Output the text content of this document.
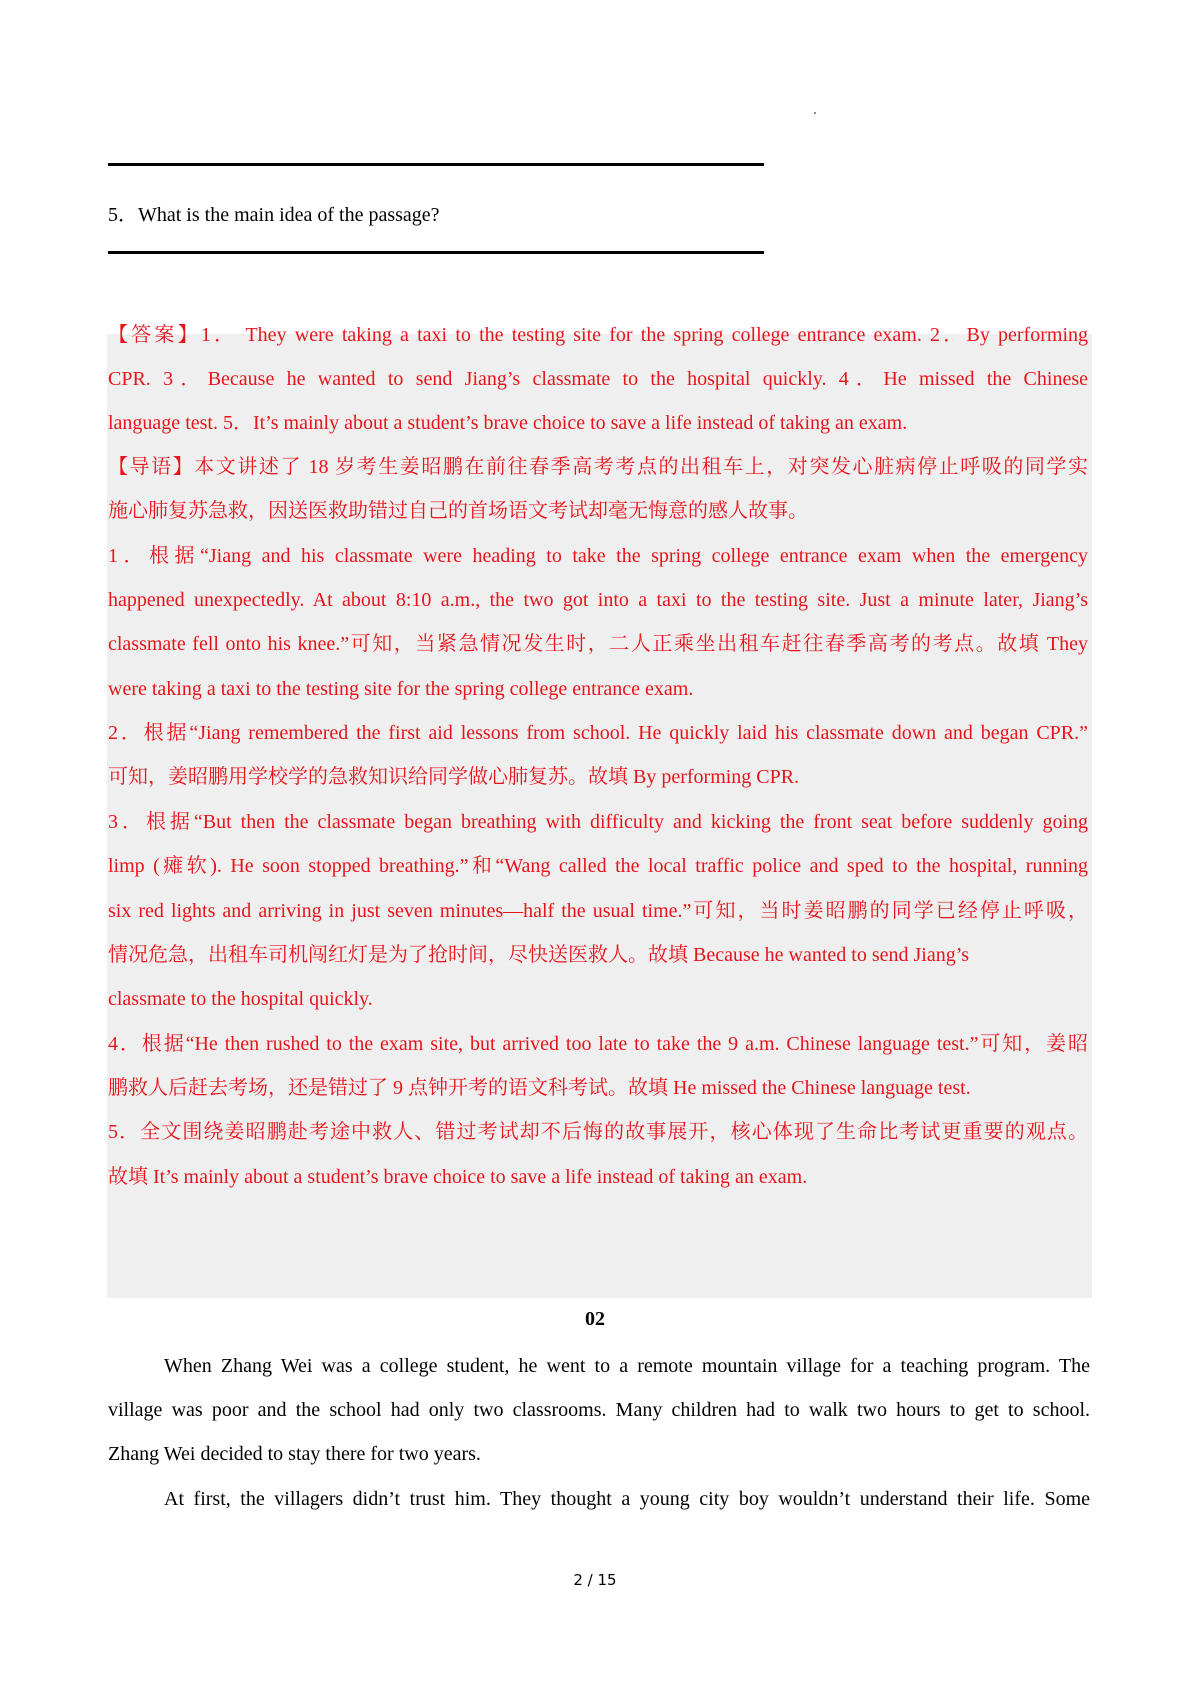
5．What is the main idea of the passage?
【答案】1． They were taking a taxi to the testing site for the spring college entrance exam. 2．By performing
CPR. 3．Because he wanted to send Jiang’s classmate to the hospital quickly. 4．He missed the Chinese
language test. 5．It’s mainly about a student’s brave choice to save a life instead of taking an exam.
【导语】本文讲述了 18 岁考生姜昭鹏在前往春季高考考点的出租车上，对突发心脏病停止呼吸的同学实
施心肺复苏急救，因送医救助错过自己的首场语文考试却毫无悔意的感人故事。
1．根据“Jiang and his classmate were heading to take the spring college entrance exam when the emergency
happened unexpectedly. At about 8:10 a.m., the two got into a taxi to the testing site. Just a minute later, Jiang’s
classmate fell onto his knee.”可知，当紧急情况发生时，二人正乘坐出租车赶往春季高考的考点。故填 They
were taking a taxi to the testing site for the spring college entrance exam.
2．根据“Jiang remembered the first aid lessons from school. He quickly laid his classmate down and began CPR.”
可知，姜昭鹏用学校学的急救知识给同学做心肺复苏。故填 By performing CPR.
3．根据“But then the classmate began breathing with difficulty and kicking the front seat before suddenly going
limp (瘫软). He soon stopped breathing.”和“Wang called the local traffic police and sped to the hospital, running
six red lights and arriving in just seven minutes—half the usual time.”可知，当时姜昭鹏的同学已经停止呼吸，
情况危急，出租车司机闯红灯是为了抢时间，尽快送医救人。故填 Because he wanted to send Jiang’s
classmate to the hospital quickly.
4．根据“He then rushed to the exam site, but arrived too late to take the 9 a.m. Chinese language test.”可知，姜昭
鹏救人后赶去考场，还是错过了 9 点钟开考的语文科考试。故填 He missed the Chinese language test.
5．全文围绕姜昭鹏赴考途中救人、错过考试却不后悔的故事展开，核心体现了生命比考试更重要的观点。
故填 It’s mainly about a student’s brave choice to save a life instead of taking an exam.
02
When Zhang Wei was a college student, he went to a remote mountain village for a teaching program. The
village was poor and the school had only two classrooms. Many children had to walk two hours to get to school.
Zhang Wei decided to stay there for two years.
At first, the villagers didn’t trust him. They thought a young city boy wouldn’t understand their life. Some
2 / 15
